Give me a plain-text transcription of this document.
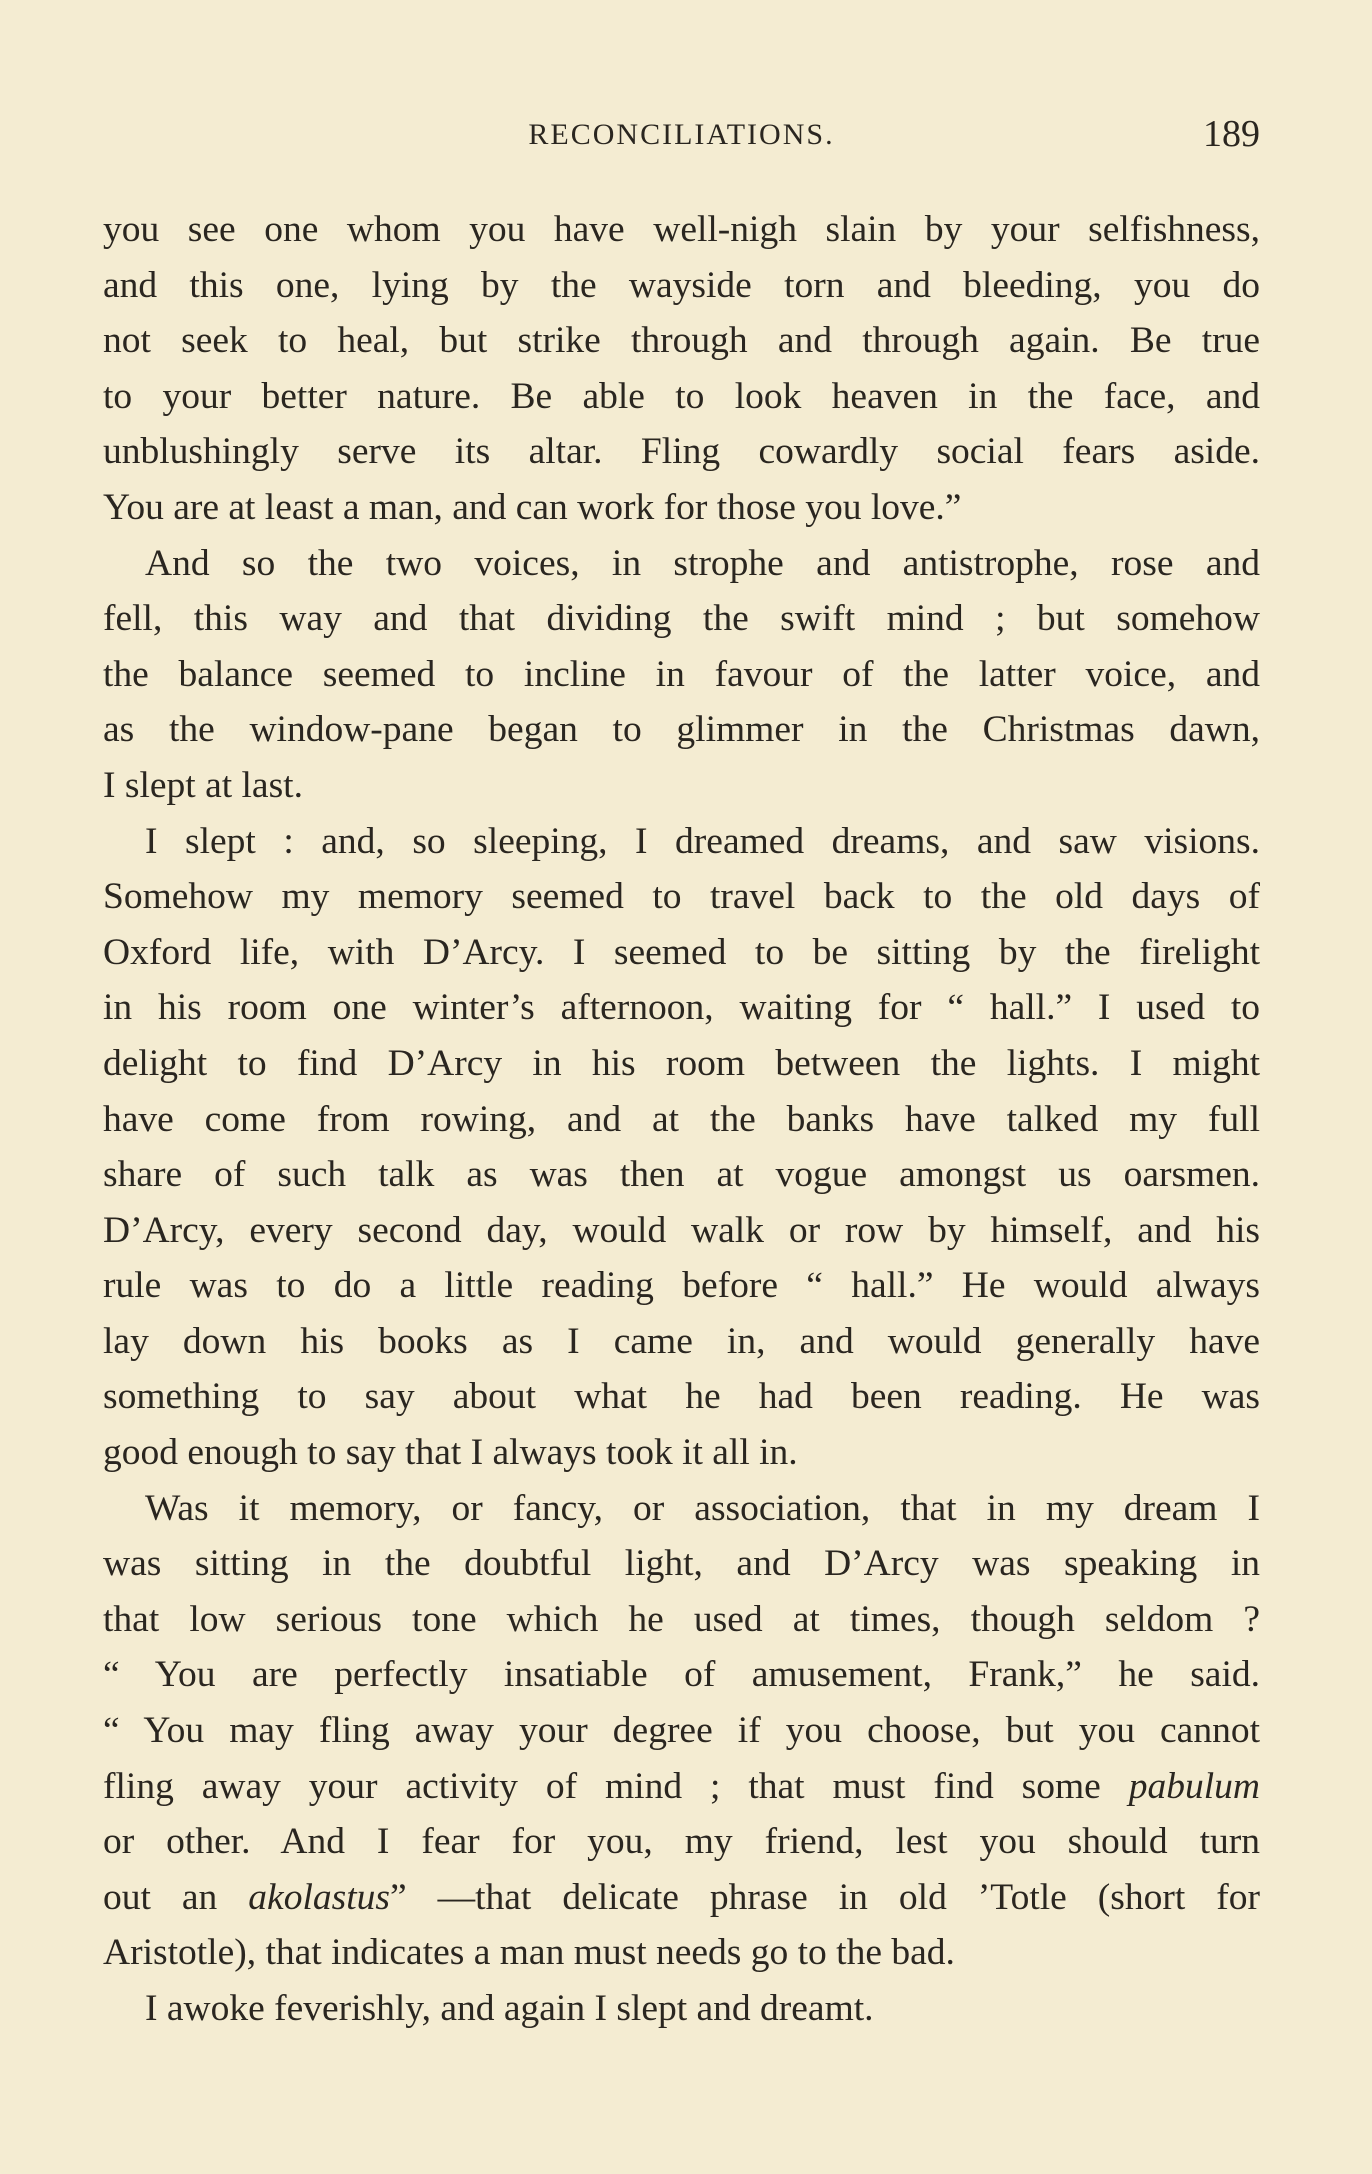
RECONCILIATIONS.	189
you see one whom you have well-nigh slain by your selfishness,
and this one, lying by the wayside torn and bleeding, you do
not seek to heal, but strike through and through again. Be true
to your better nature. Be able to look heaven in the face, and
unblushingly serve its altar. Fling cowardly social fears aside.
You are at least a man, and can work for those you love.”
And so the two voices, in strophe and antistrophe, rose and
fell, this way and that dividing the swift mind ; but somehow
the balance seemed to incline in favour of the latter voice, and
as the window-pane began to glimmer in the Christmas dawn,
I slept at last.
I slept : and, so sleeping, I dreamed dreams, and saw visions.
Somehow my memory seemed to travel back to the old days of
Oxford life, with D’Arcy. I seemed to be sitting by the firelight
in his room one winter’s afternoon, waiting for “ hall.” I used to
delight to find D’Arcy in his room between the lights. I might
have come from rowing, and at the banks have talked my full
share of such talk as was then at vogue amongst us oarsmen.
D’Arcy, every second day, would walk or row by himself, and his
rule was to do a little reading before “ hall.” He would always
lay down his books as I came in, and would generally have
something to say about what he had been reading. He was
good enough to say that I always took it all in.
Was it memory, or fancy, or association, that in my dream I
was sitting in the doubtful light, and D’Arcy was speaking in
that low serious tone which he used at times, though seldom ?
“ You are perfectly insatiable of amusement, Frank,” he said.
“ You may fling away your degree if you choose, but you cannot
fling away your activity of mind ; that must find some pabulum
or other. And I fear for you, my friend, lest you should turn
out an akolastus” —that delicate phrase in old ’Totle (short for
Aristotle), that indicates a man must needs go to the bad.
I awoke feverishly, and again I slept and dreamt.
